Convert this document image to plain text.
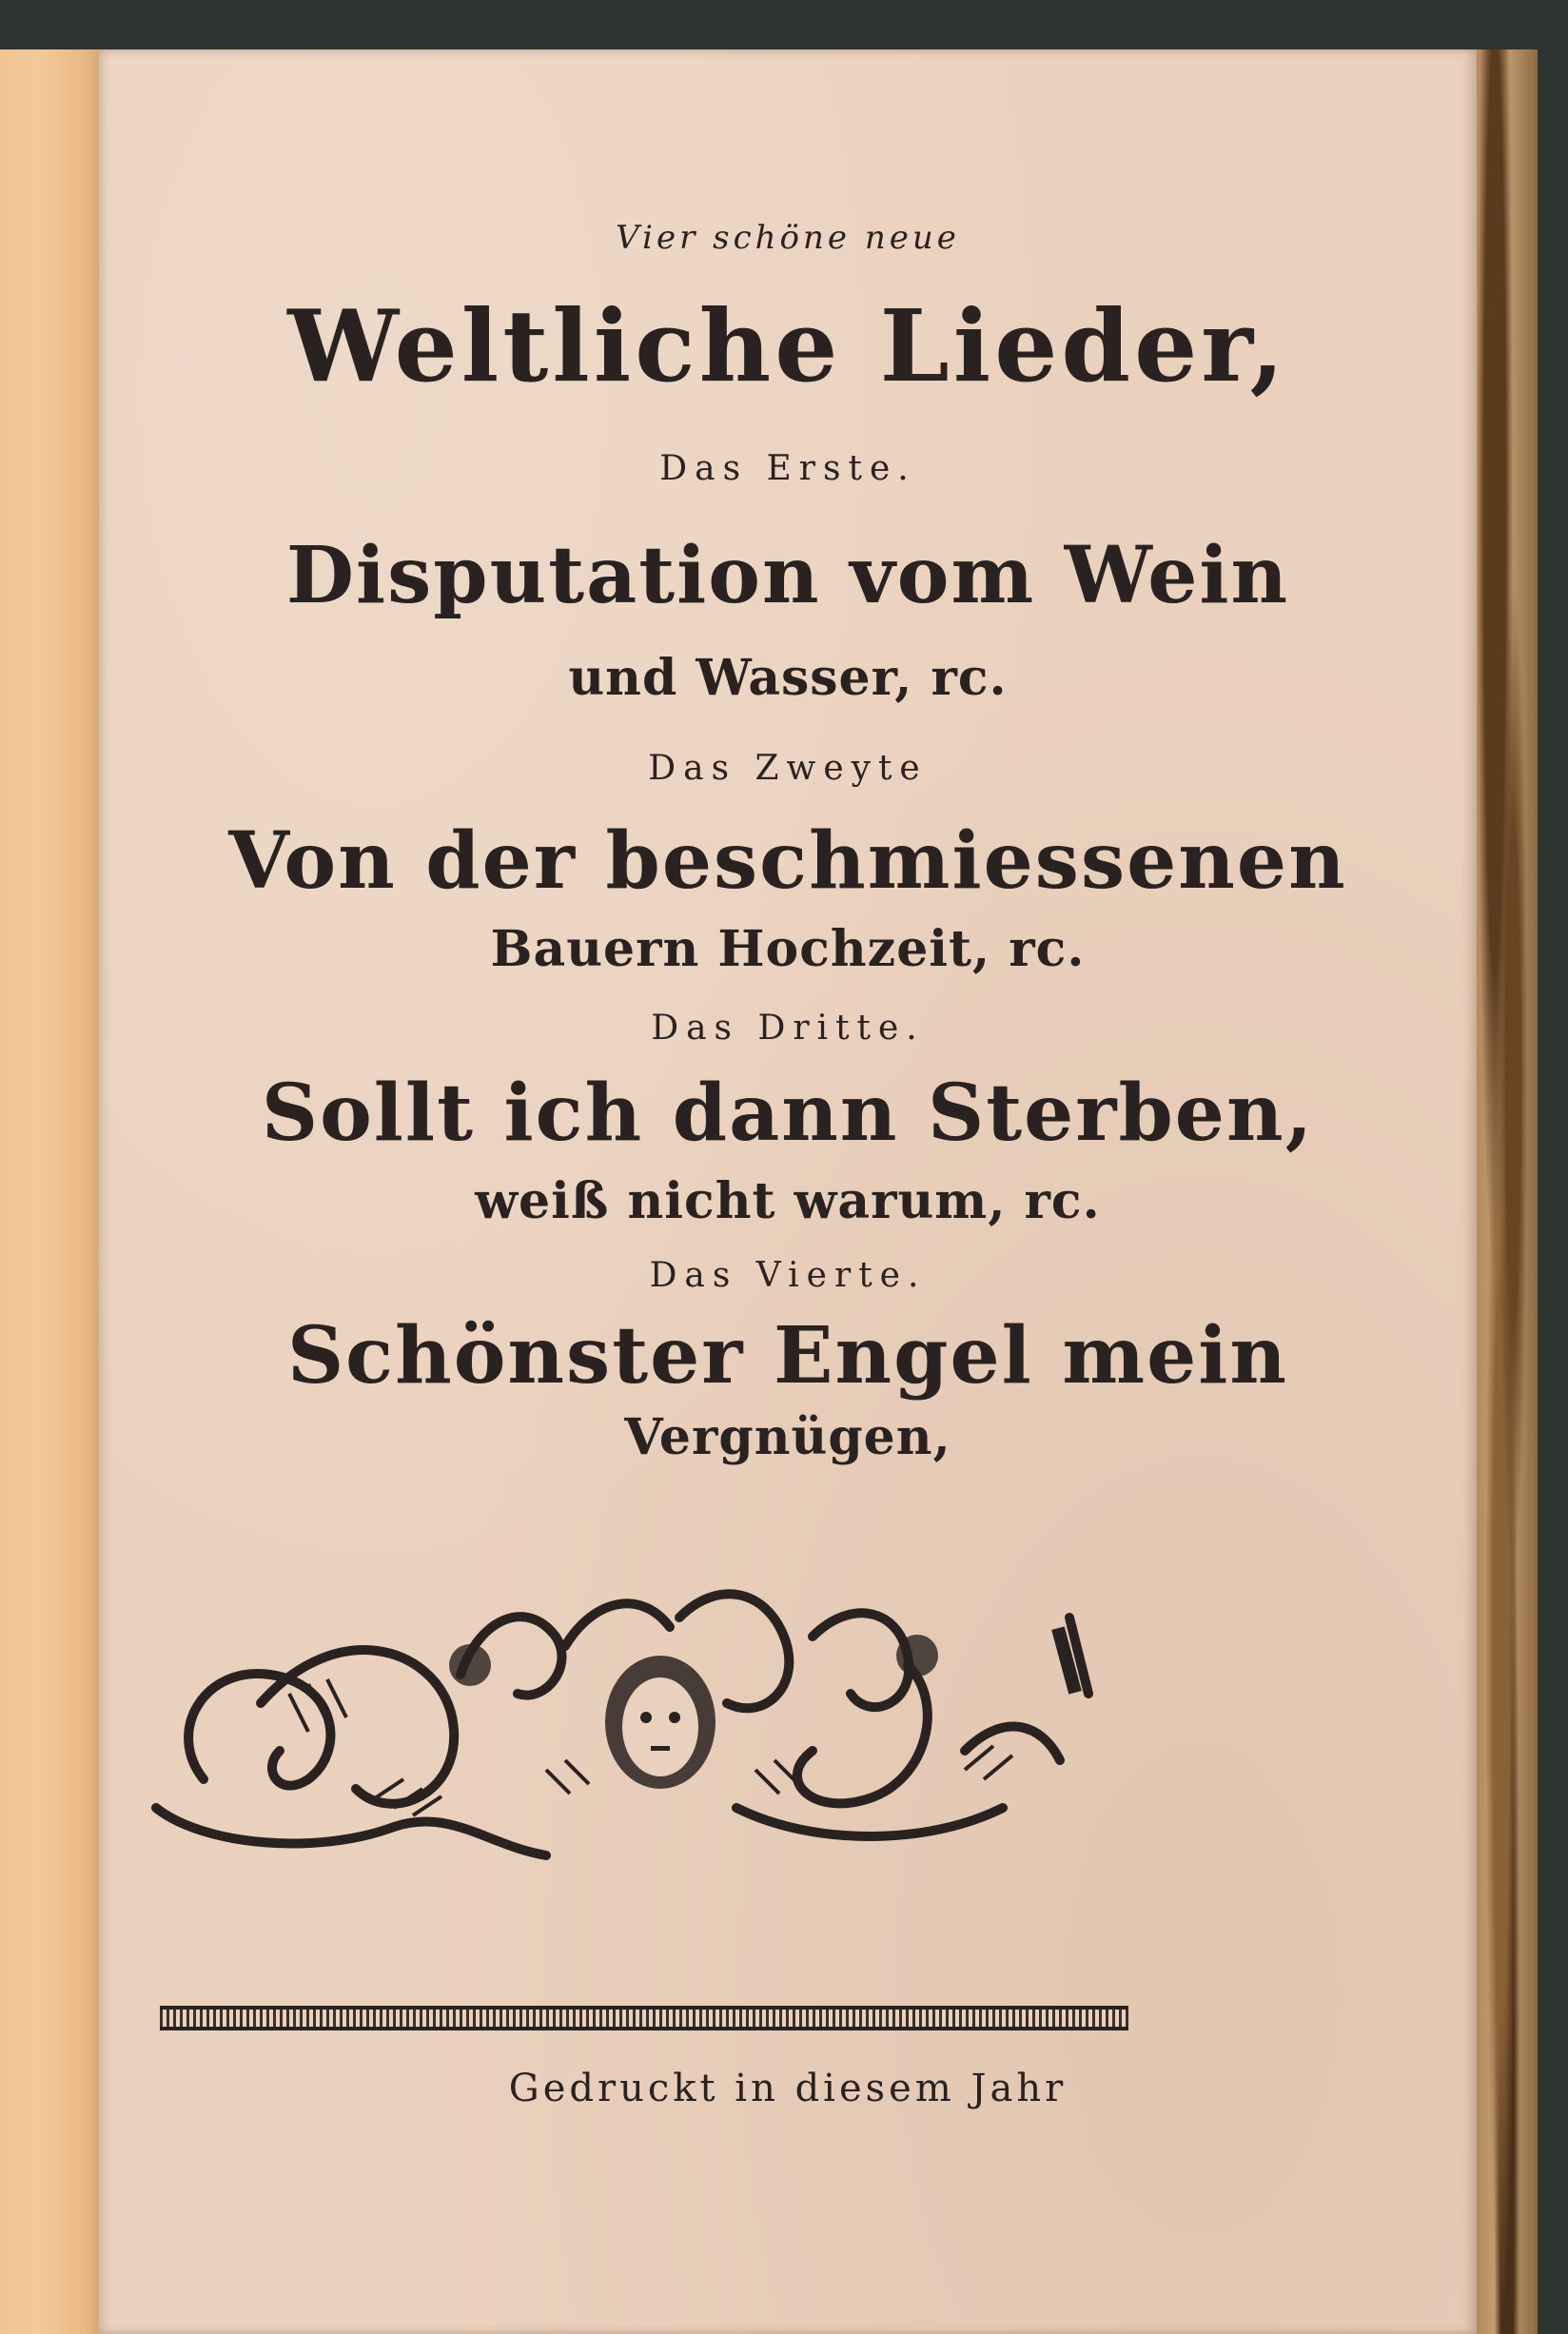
Vier schöne neue

Weltliche Lieder,

Das Erste.

Disputation vom Wein

und Wasser, rc.

Das Zweyte

Von der beschmiessenen

Bauern Hochzeit, rc.

Das Dritte.

Sollt ich dann Sterben,

weiß nicht warum, rc.

Das Vierte.

Schönster Engel mein

Vergnügen,

Gedruckt in diesem Jahr
